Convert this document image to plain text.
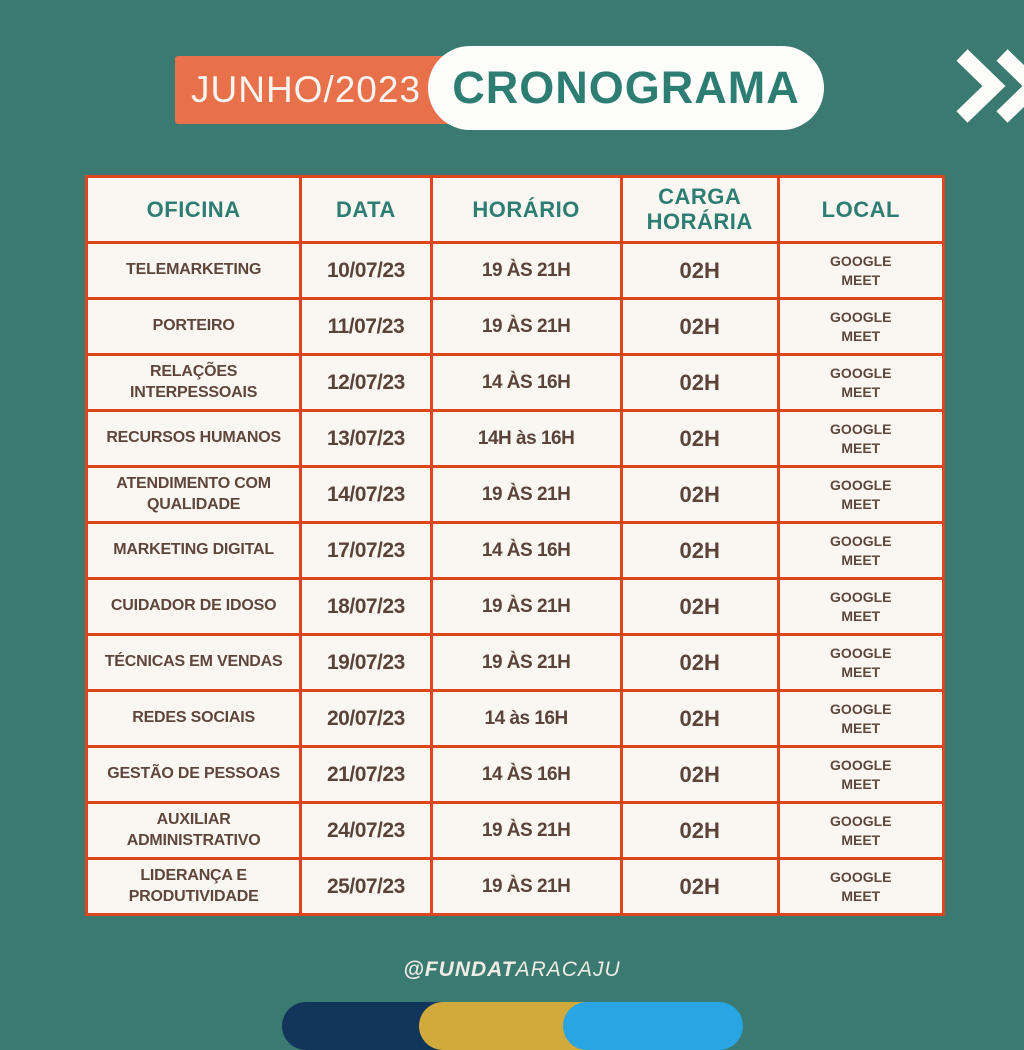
JUNHO/2023 CRONOGRAMA
OFICINA	DATA	HORÁRIO	CARGA HORÁRIA	LOCAL
TELEMARKETING	10/07/23	19 ÀS 21H	02H	GOOGLE MEET
PORTEIRO	11/07/23	19 ÀS 21H	02H	GOOGLE MEET
RELAÇÕES INTERPESSOAIS	12/07/23	14 ÀS 16H	02H	GOOGLE MEET
RECURSOS HUMANOS	13/07/23	14H às 16H	02H	GOOGLE MEET
ATENDIMENTO COM QUALIDADE	14/07/23	19 ÀS 21H	02H	GOOGLE MEET
MARKETING DIGITAL	17/07/23	14 ÀS 16H	02H	GOOGLE MEET
CUIDADOR DE IDOSO	18/07/23	19 ÀS 21H	02H	GOOGLE MEET
TÉCNICAS EM VENDAS	19/07/23	19 ÀS 21H	02H	GOOGLE MEET
REDES SOCIAIS	20/07/23	14 às 16H	02H	GOOGLE MEET
GESTÃO DE PESSOAS	21/07/23	14 ÀS 16H	02H	GOOGLE MEET
AUXILIAR ADMINISTRATIVO	24/07/23	19 ÀS 21H	02H	GOOGLE MEET
LIDERANÇA E PRODUTIVIDADE	25/07/23	19 ÀS 21H	02H	GOOGLE MEET
@FUNDATARACAJU
